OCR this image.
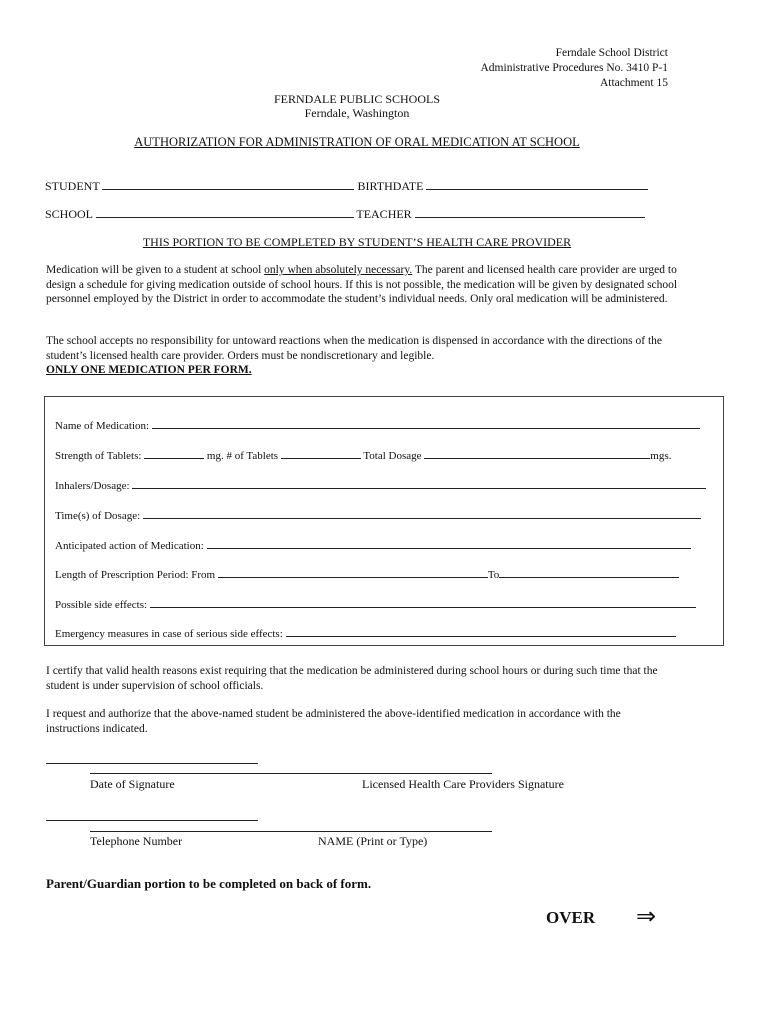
Ferndale School District
Administrative Procedures No. 3410 P-1
Attachment 15
FERNDALE PUBLIC SCHOOLS
Ferndale, Washington
AUTHORIZATION FOR ADMINISTRATION OF ORAL MEDICATION AT SCHOOL
STUDENT	BIRTHDATE
SCHOOL	TEACHER
THIS PORTION TO BE COMPLETED BY STUDENT’S HEALTH CARE PROVIDER
Medication will be given to a student at school only when absolutely necessary. The parent and licensed health care provider are urged to design a schedule for giving medication outside of school hours. If this is not possible, the medication will be given by designated school personnel employed by the District in order to accommodate the student’s individual needs. Only oral medication will be administered.
The school accepts no responsibility for untoward reactions when the medication is dispensed in accordance with the directions of the student’s licensed health care provider. Orders must be nondiscretionary and legible.
ONLY ONE MEDICATION PER FORM.
Name of Medication:
Strength of Tablets:	mg. # of Tablets	Total Dosage	mgs.
Inhalers/Dosage:
Time(s) of Dosage:
Anticipated action of Medication:
Length of Prescription Period: From	To
Possible side effects:
Emergency measures in case of serious side effects:
I certify that valid health reasons exist requiring that the medication be administered during school hours or during such time that the student is under supervision of school officials.
I request and authorize that the above-named student be administered the above-identified medication in accordance with the instructions indicated.
Date of Signature	Licensed Health Care Providers Signature
Telephone Number	NAME (Print or Type)
Parent/Guardian portion to be completed on back of form.
OVER ⇒
